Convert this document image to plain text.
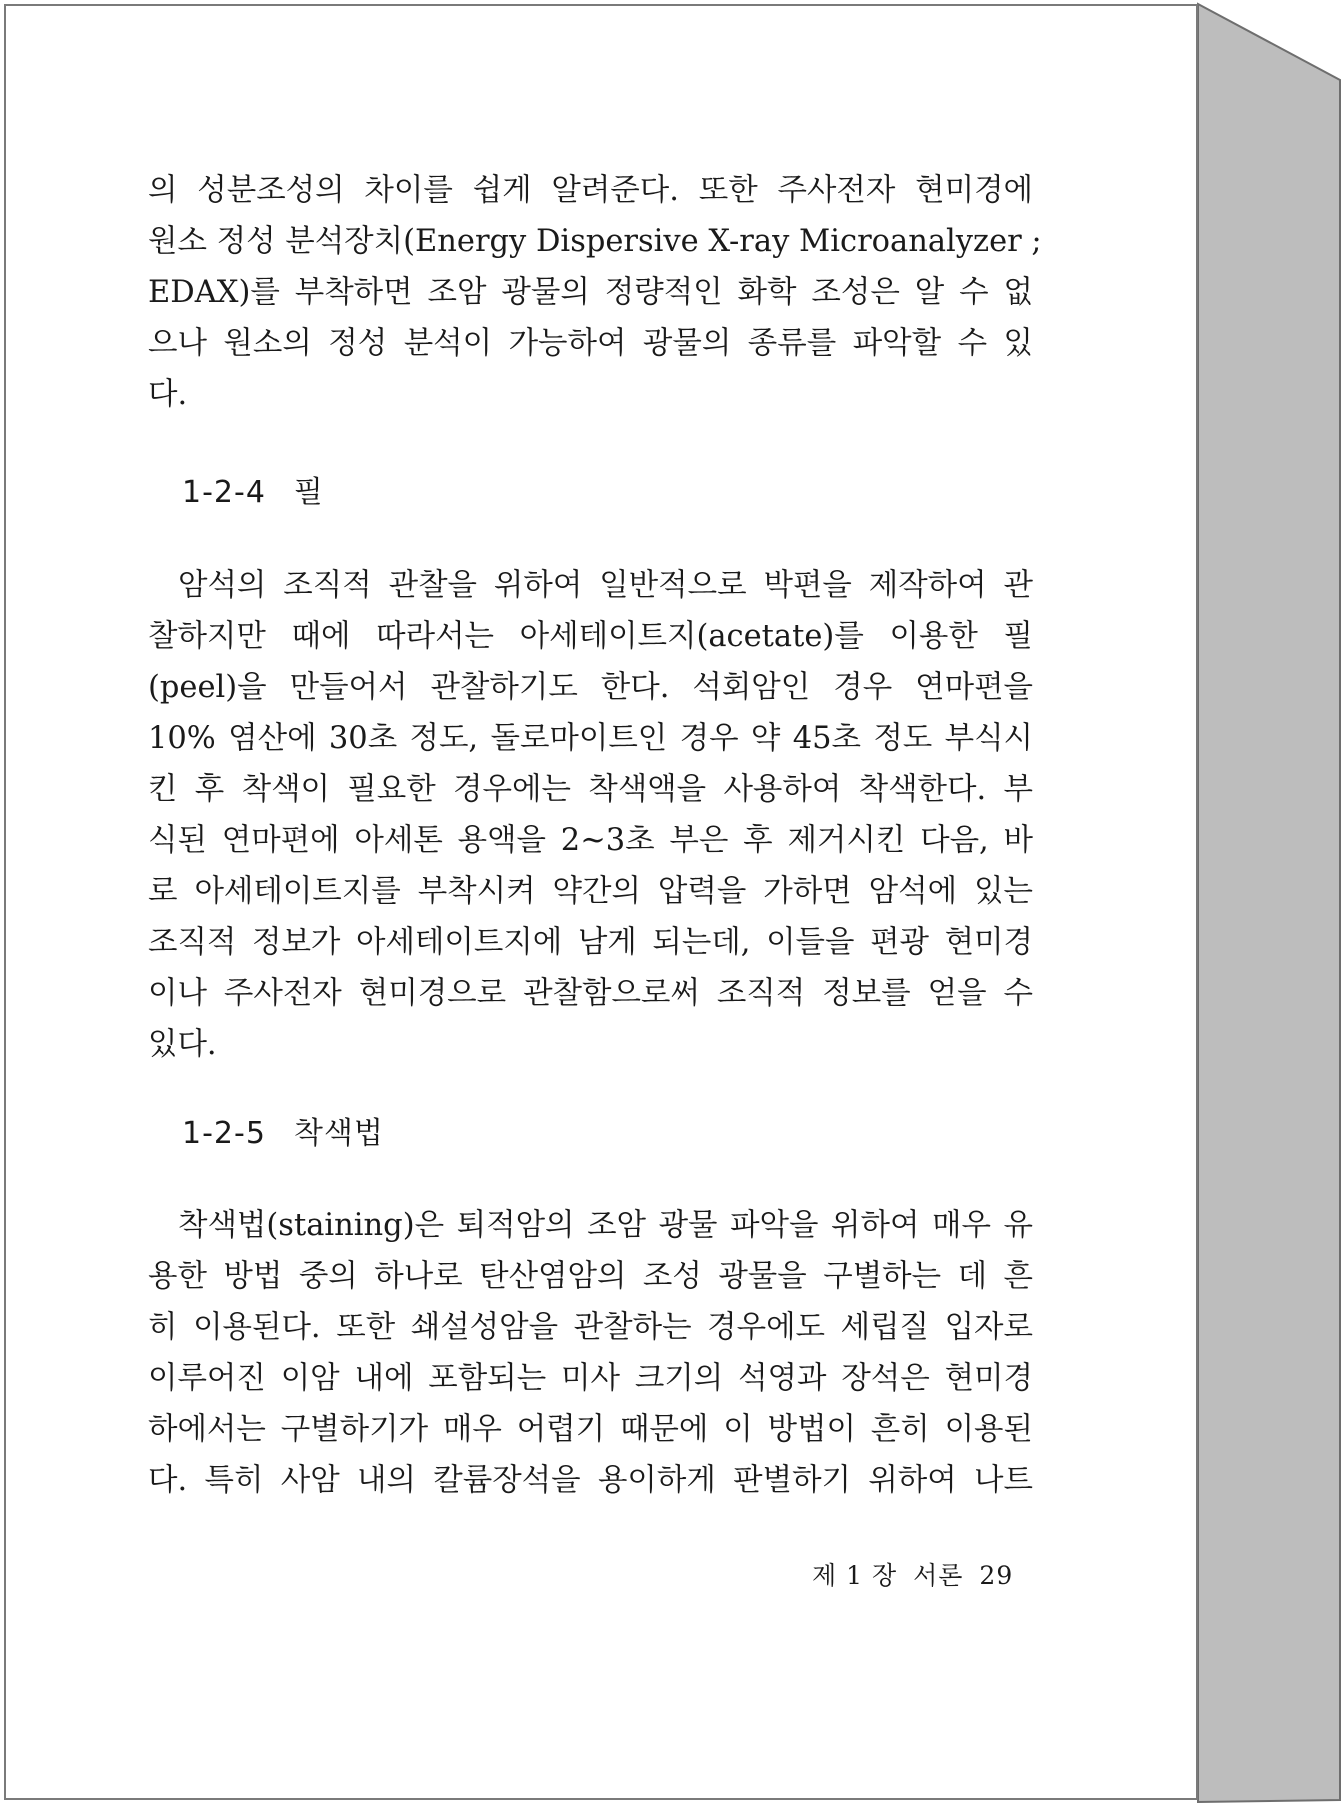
의 성분조성의 차이를 쉽게 알려준다. 또한 주사전자 현미경에
원소 정성 분석장치(Energy Dispersive X-ray Microanalyzer ;
EDAX)를 부착하면 조암 광물의 정량적인 화학 조성은 알 수 없
으나 원소의 정성 분석이 가능하여 광물의 종류를 파악할 수 있
다.
1-2-4 필
암석의 조직적 관찰을 위하여 일반적으로 박편을 제작하여 관
찰하지만 때에 따라서는 아세테이트지(acetate)를 이용한 필
(peel)을 만들어서 관찰하기도 한다. 석회암인 경우 연마편을
10% 염산에 30초 정도, 돌로마이트인 경우 약 45초 정도 부식시
킨 후 착색이 필요한 경우에는 착색액을 사용하여 착색한다. 부
식된 연마편에 아세톤 용액을 2~3초 부은 후 제거시킨 다음, 바
로 아세테이트지를 부착시켜 약간의 압력을 가하면 암석에 있는
조직적 정보가 아세테이트지에 남게 되는데, 이들을 편광 현미경
이나 주사전자 현미경으로 관찰함으로써 조직적 정보를 얻을 수
있다.
1-2-5 착색법
착색법(staining)은 퇴적암의 조암 광물 파악을 위하여 매우 유
용한 방법 중의 하나로 탄산염암의 조성 광물을 구별하는 데 흔
히 이용된다. 또한 쇄설성암을 관찰하는 경우에도 세립질 입자로
이루어진 이암 내에 포함되는 미사 크기의 석영과 장석은 현미경
하에서는 구별하기가 매우 어렵기 때문에 이 방법이 흔히 이용된
다. 특히 사암 내의 칼륨장석을 용이하게 판별하기 위하여 나트
제 1 장 서론 29
